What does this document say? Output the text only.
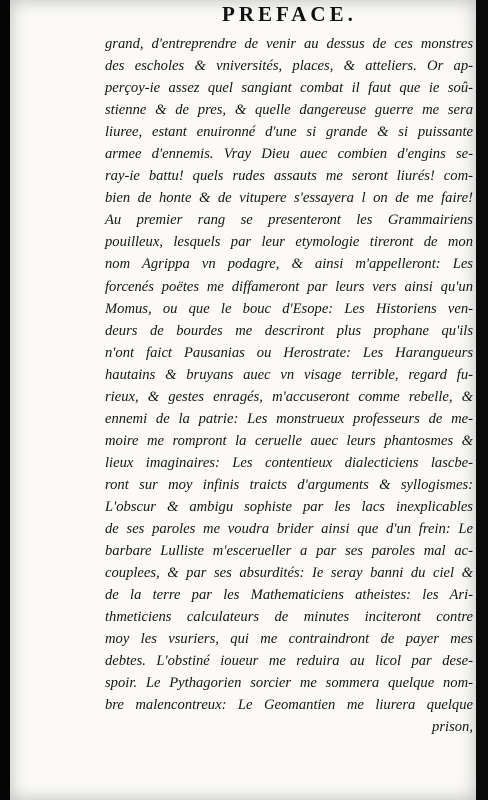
PREFACE.
grand, d'entreprendre de venir au dessus de ces monstres
des escholes & vniversités, places, & atteliers. Or ap-
perçoy-ie assez quel sangiant combat il faut que ie soû-
stienne & de pres, & quelle dangereuse guerre me sera
liuree, estant enuironné d'une si grande & si puissante
armee d'ennemis. Vray Dieu auec combien d'engins se-
ray-ie battu! quels rudes assauts me seront liurés! com-
bien de honte & de vitupere s'essayera l on de me faire!
Au premier rang se presenteront les Grammairiens
pouilleux, lesquels par leur etymologie tireront de mon
nom Agrippa vn podagre, & ainsi m'appelleront: Les
forcenés poëtes me diffameront par leurs vers ainsi qu'un
Momus, ou que le bouc d'Esope: Les Historiens ven-
deurs de bourdes me descriront plus prophane qu'ils
n'ont faict Pausanias ou Herostrate: Les Harangueurs
hautains & bruyans auec vn visage terrible, regard fu-
rieux, & gestes enragés, m'accuseront comme rebelle, &
ennemi de la patrie: Les monstrueux professeurs de me-
moire me rompront la ceruelle auec leurs phantosmes &
lieux imaginaires: Les contentieux dialecticiens lascbe-
ront sur moy infinis traicts d'arguments & syllogismes:
L'obscur & ambigu sophiste par les lacs inexplicables
de ses paroles me voudra brider ainsi que d'un frein: Le
barbare Lulliste m'escerueller a par ses paroles mal ac-
couplees, & par ses absurdités: Ie seray banni du ciel &
de la terre par les Mathematiciens atheistes: les Ari-
thmeticiens calculateurs de minutes inciteront contre
moy les vsuriers, qui me contraindront de payer mes
debtes. L'obstiné ioueur me reduira au licol par dese-
spoir. Le Pythagorien sorcier me sommera quelque nom-
bre malencontreux: Le Geomantien me liurera quelque
prison,
